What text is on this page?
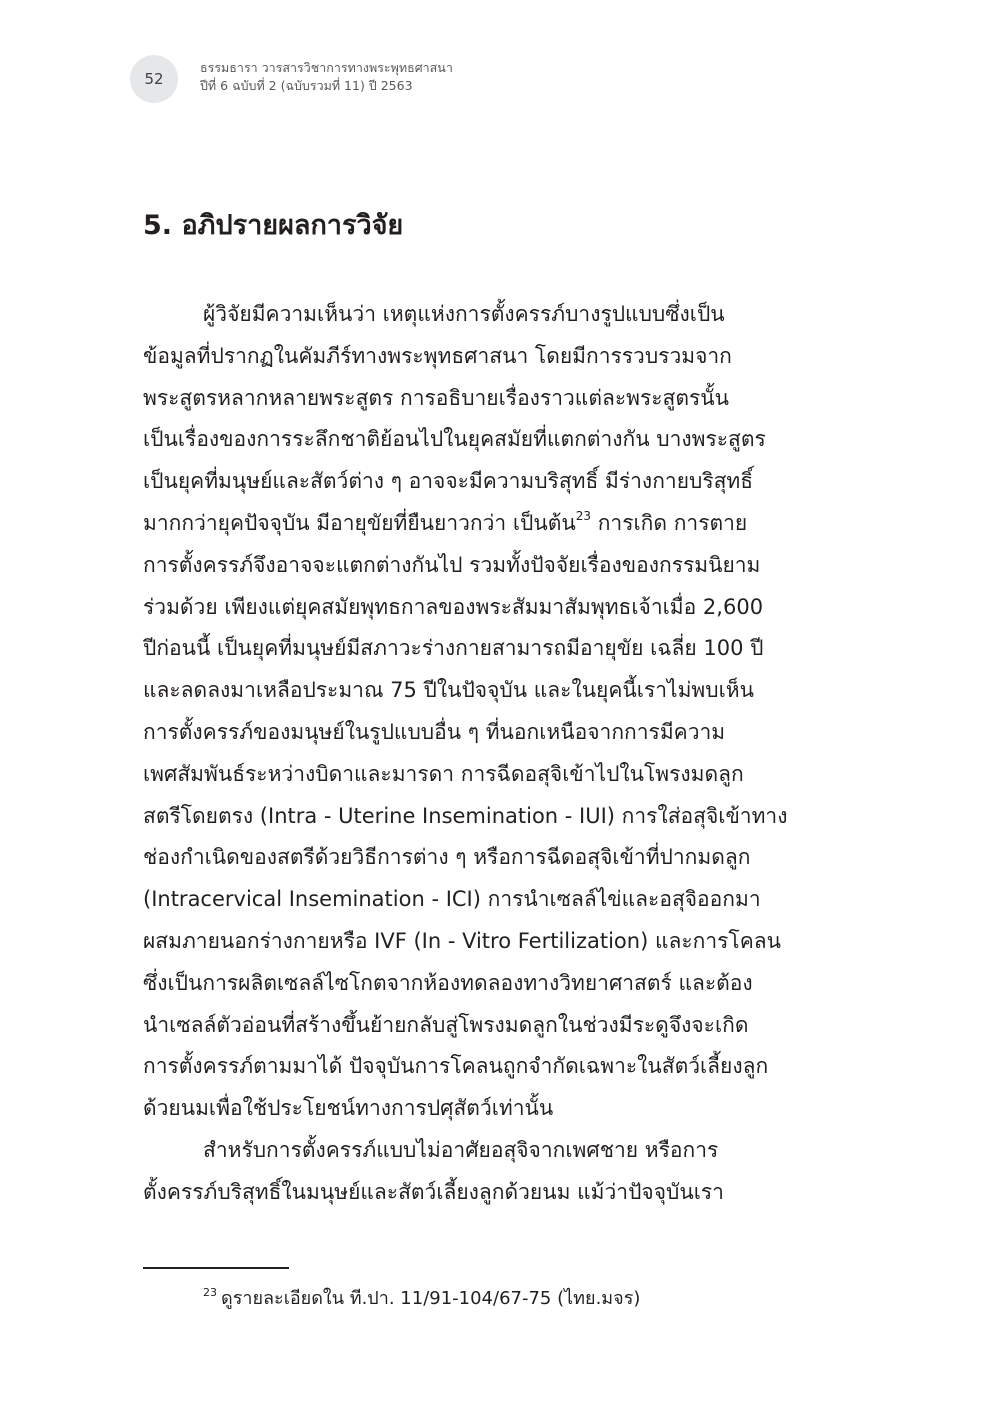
52
ธรรมธารา วารสารวิชาการทางพระพุทธศาสนา
ปีที่ 6 ฉบับที่ 2 (ฉบับรวมที่ 11) ปี 2563
5. อภิปรายผลการวิจัย
ผู้วิจัยมีความเห็นว่า เหตุแห่งการตั้งครรภ์บางรูปแบบซึ่งเป็น
ข้อมูลที่ปรากฏในคัมภีร์ทางพระพุทธศาสนา โดยมีการรวบรวมจาก
พระสูตรหลากหลายพระสูตร การอธิบายเรื่องราวแต่ละพระสูตรนั้น
เป็นเรื่องของการระลึกชาติย้อนไปในยุคสมัยที่แตกต่างกัน บางพระสูตร
เป็นยุคที่มนุษย์และสัตว์ต่าง ๆ อาจจะมีความบริสุทธิ์ มีร่างกายบริสุทธิ์
มากกว่ายุคปัจจุบัน มีอายุขัยที่ยืนยาวกว่า เป็นต้น$^{23}$ การเกิด การตาย
การตั้งครรภ์จึงอาจจะแตกต่างกันไป รวมทั้งปัจจัยเรื่องของกรรมนิยาม
ร่วมด้วย เพียงแต่ยุคสมัยพุทธกาลของพระสัมมาสัมพุทธเจ้าเมื่อ 2,600
ปีก่อนนี้ เป็นยุคที่มนุษย์มีสภาวะร่างกายสามารถมีอายุขัย เฉลี่ย 100 ปี
และลดลงมาเหลือประมาณ 75 ปีในปัจจุบัน และในยุคนี้เราไม่พบเห็น
การตั้งครรภ์ของมนุษย์ในรูปแบบอื่น ๆ ที่นอกเหนือจากการมีความ
เพศสัมพันธ์ระหว่างบิดาและมารดา การฉีดอสุจิเข้าไปในโพรงมดลูก
สตรีโดยตรง (Intra - Uterine Insemination - IUI) การใส่อสุจิเข้าทาง
ช่องกำเนิดของสตรีด้วยวิธีการต่าง ๆ หรือการฉีดอสุจิเข้าที่ปากมดลูก
(Intracervical Insemination - ICI) การนำเซลล์ไข่และอสุจิออกมา
ผสมภายนอกร่างกายหรือ IVF (In - Vitro Fertilization) และการโคลน
ซึ่งเป็นการผลิตเซลล์ไซโกตจากห้องทดลองทางวิทยาศาสตร์ และต้อง
นำเซลล์ตัวอ่อนที่สร้างขึ้นย้ายกลับสู่โพรงมดลูกในช่วงมีระดูจึงจะเกิด
การตั้งครรภ์ตามมาได้ ปัจจุบันการโคลนถูกจำกัดเฉพาะในสัตว์เลี้ยงลูก
ด้วยนมเพื่อใช้ประโยชน์ทางการปศุสัตว์เท่านั้น
สำหรับการตั้งครรภ์แบบไม่อาศัยอสุจิจากเพศชาย หรือการ
ตั้งครรภ์บริสุทธิ์ในมนุษย์และสัตว์เลี้ยงลูกด้วยนม แม้ว่าปัจจุบันเรา
$^{23}$ ดูรายละเอียดใน ที.ปา. 11/91-104/67-75 (ไทย.มจร)
